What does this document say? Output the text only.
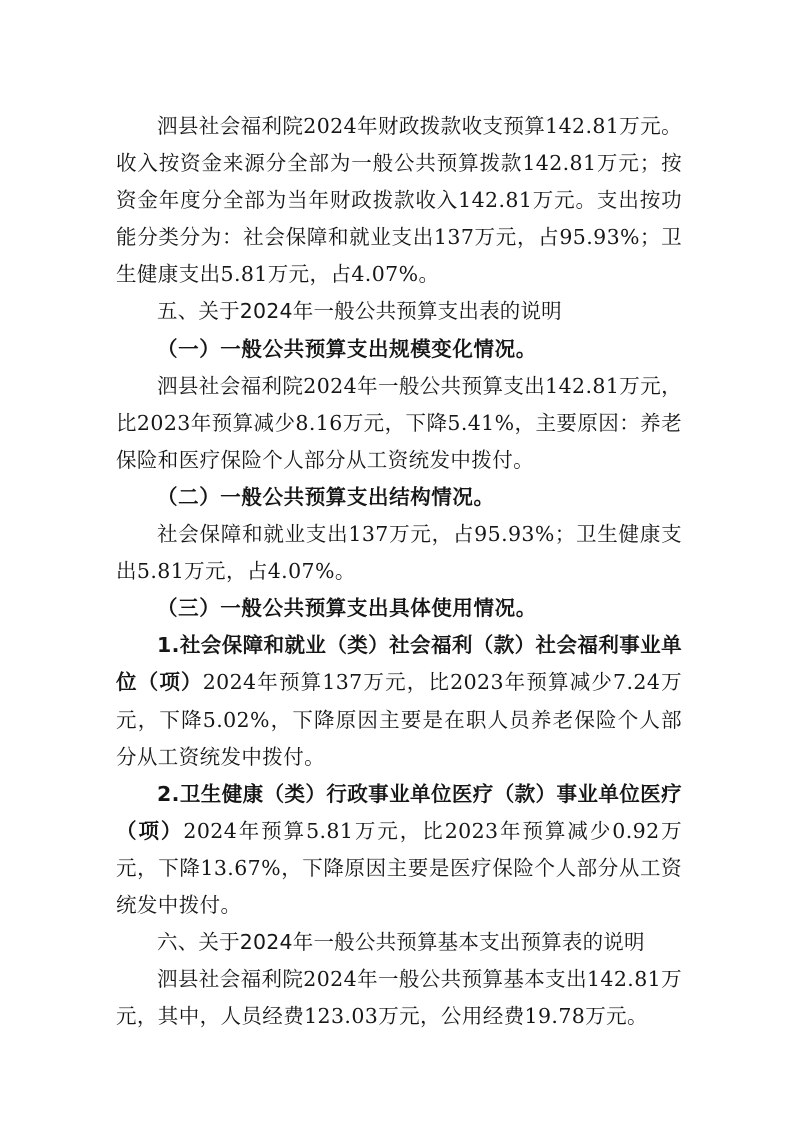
泗县社会福利院2024年财政拨款收支预算142.81万元。收入按资金来源分全部为一般公共预算拨款142.81万元；按资金年度分全部为当年财政拨款收入142.81万元。支出按功能分类分为：社会保障和就业支出137万元，占95.93%；卫生健康支出5.81万元，占4.07%。

五、关于2024年一般公共预算支出表的说明

（一）一般公共预算支出规模变化情况。

泗县社会福利院2024年一般公共预算支出142.81万元，比2023年预算减少8.16万元，下降5.41%，主要原因：养老保险和医疗保险个人部分从工资统发中拨付。

（二）一般公共预算支出结构情况。

社会保障和就业支出137万元，占95.93%；卫生健康支出5.81万元，占4.07%。

（三）一般公共预算支出具体使用情况。

1.社会保障和就业（类）社会福利（款）社会福利事业单位（项）2024年预算137万元，比2023年预算减少7.24万元，下降5.02%，下降原因主要是在职人员养老保险个人部分从工资统发中拨付。

2.卫生健康（类）行政事业单位医疗（款）事业单位医疗（项）2024年预算5.81万元，比2023年预算减少0.92万元，下降13.67%，下降原因主要是医疗保险个人部分从工资统发中拨付。

六、关于2024年一般公共预算基本支出预算表的说明

泗县社会福利院2024年一般公共预算基本支出142.81万元，其中，人员经费123.03万元，公用经费19.78万元。
